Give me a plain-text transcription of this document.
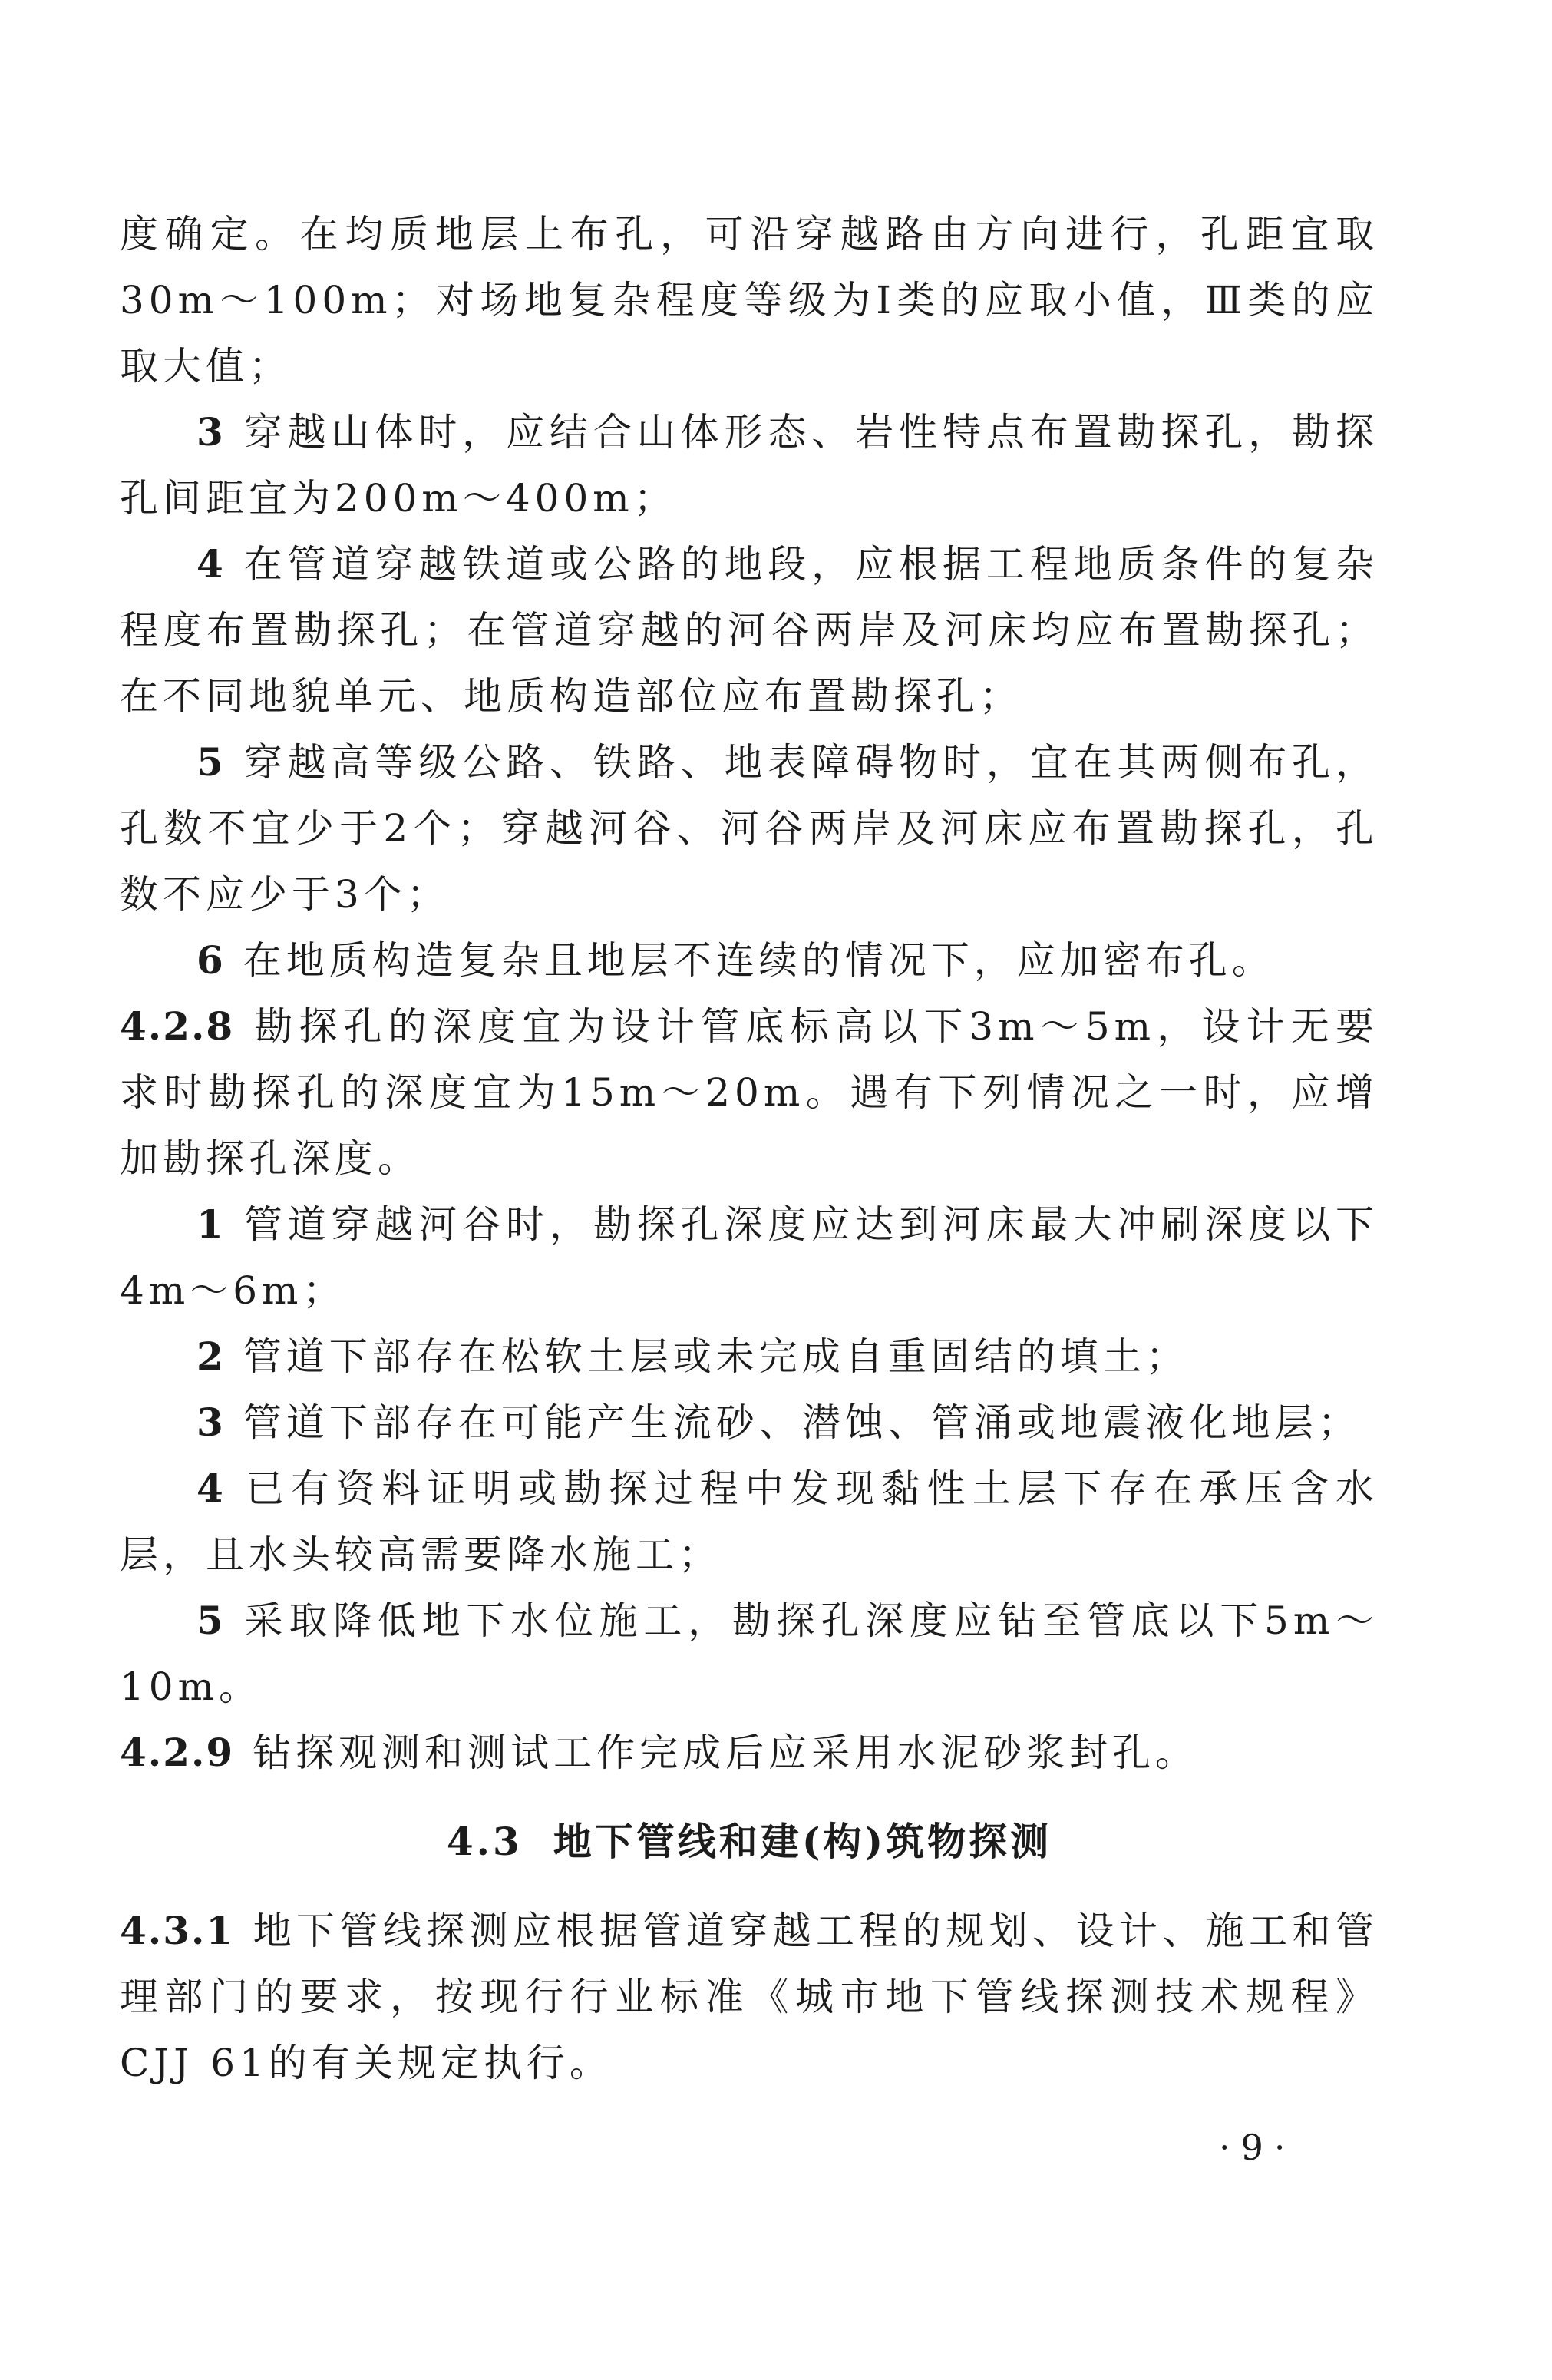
度确定。在均质地层上布孔，可沿穿越路由方向进行，孔距宜取30m～100m；对场地复杂程度等级为Ⅰ类的应取小值，Ⅲ类的应取大值；

3 穿越山体时，应结合山体形态、岩性特点布置勘探孔，勘探孔间距宜为200m～400m；

4 在管道穿越铁道或公路的地段，应根据工程地质条件的复杂程度布置勘探孔；在管道穿越的河谷两岸及河床均应布置勘探孔；在不同地貌单元、地质构造部位应布置勘探孔；

5 穿越高等级公路、铁路、地表障碍物时，宜在其两侧布孔，孔数不宜少于2个；穿越河谷、河谷两岸及河床应布置勘探孔，孔数不应少于3个；

6 在地质构造复杂且地层不连续的情况下，应加密布孔。

4.2.8 勘探孔的深度宜为设计管底标高以下3m～5m，设计无要求时勘探孔的深度宜为15m～20m。遇有下列情况之一时，应增加勘探孔深度。

1 管道穿越河谷时，勘探孔深度应达到河床最大冲刷深度以下4m～6m；

2 管道下部存在松软土层或未完成自重固结的填土；

3 管道下部存在可能产生流砂、潜蚀、管涌或地震液化地层；

4 已有资料证明或勘探过程中发现黏性土层下存在承压含水层，且水头较高需要降水施工；

5 采取降低地下水位施工，勘探孔深度应钻至管底以下5m～10m。

4.2.9 钻探观测和测试工作完成后应采用水泥砂浆封孔。

4.3 地下管线和建(构)筑物探测

4.3.1 地下管线探测应根据管道穿越工程的规划、设计、施工和管理部门的要求，按现行行业标准《城市地下管线探测技术规程》CJJ 61的有关规定执行。

·9·
